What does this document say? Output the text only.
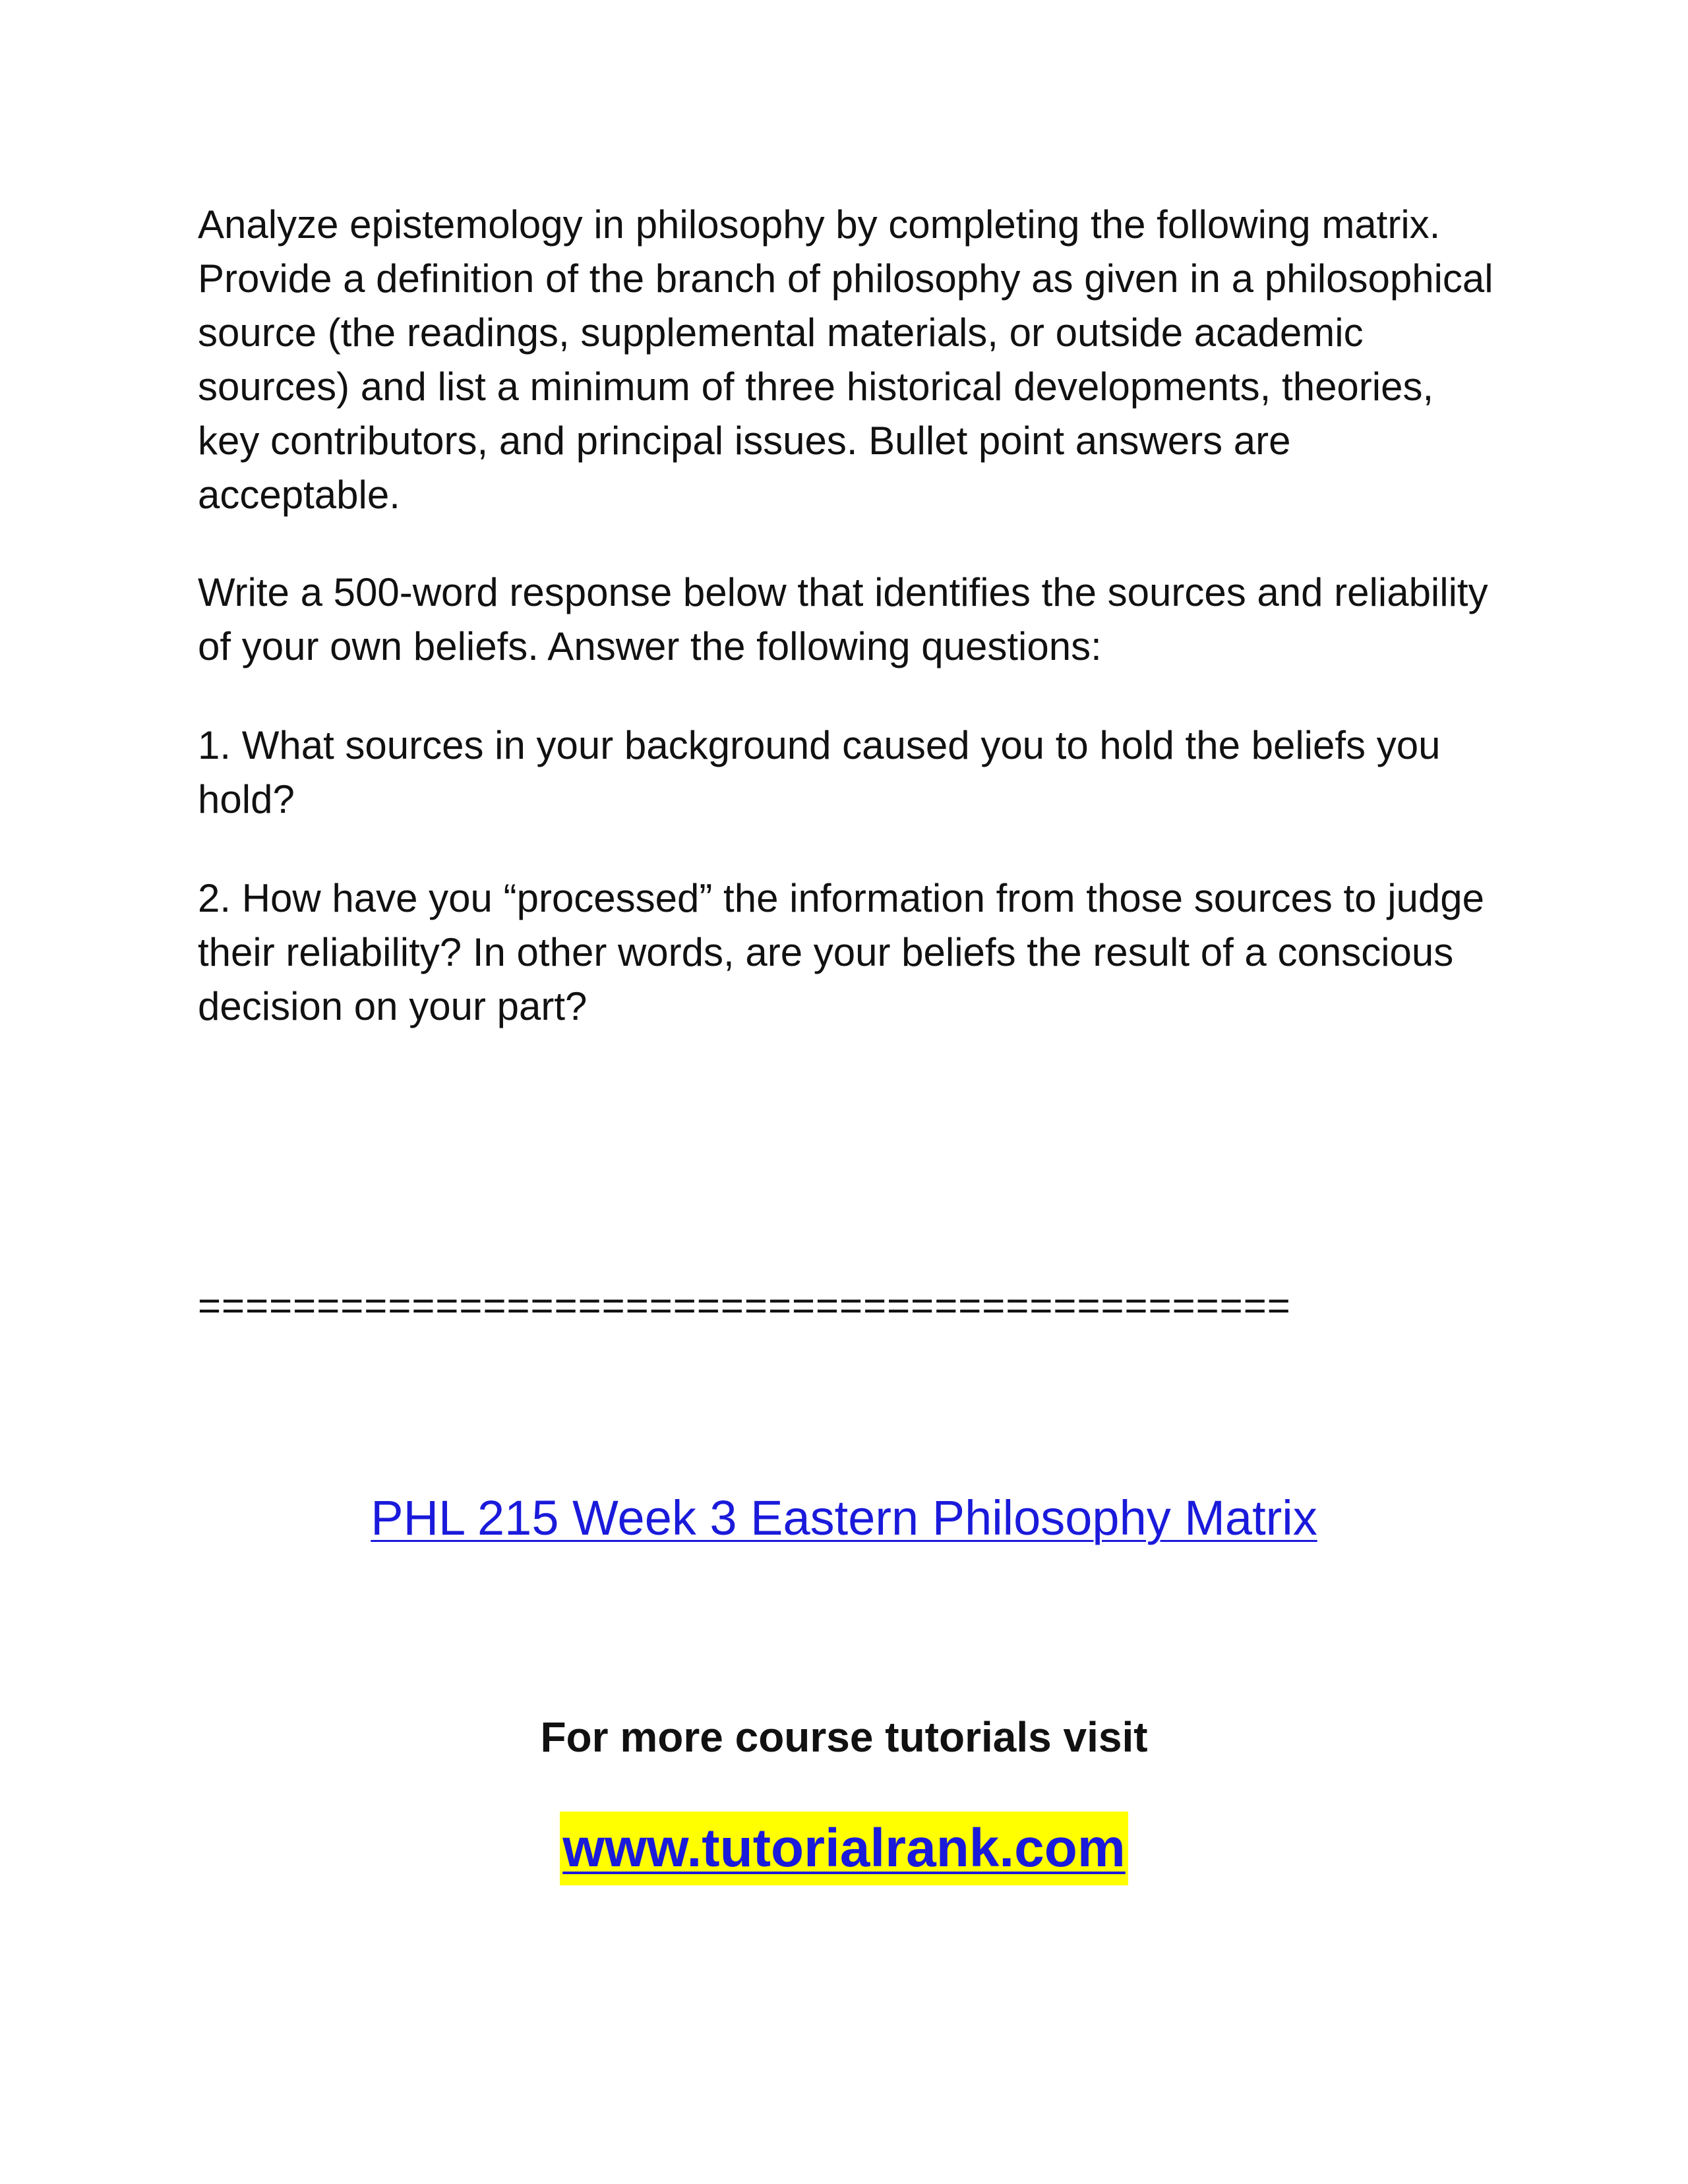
Analyze epistemology in philosophy by completing the following matrix. Provide a definition of the branch of philosophy as given in a philosophical source (the readings, supplemental materials, or outside academic sources) and list a minimum of three historical developments, theories, key contributors, and principal issues. Bullet point answers are acceptable.

Write a 500-word response below that identifies the sources and reliability of your own beliefs. Answer the following questions:

1. What sources in your background caused you to hold the beliefs you hold?

2. How have you “processed” the information from those sources to judge their reliability? In other words, are your beliefs the result of a conscious decision on your part?

==============================================

PHL 215 Week 3 Eastern Philosophy Matrix

For more course tutorials visit

www.tutorialrank.com
